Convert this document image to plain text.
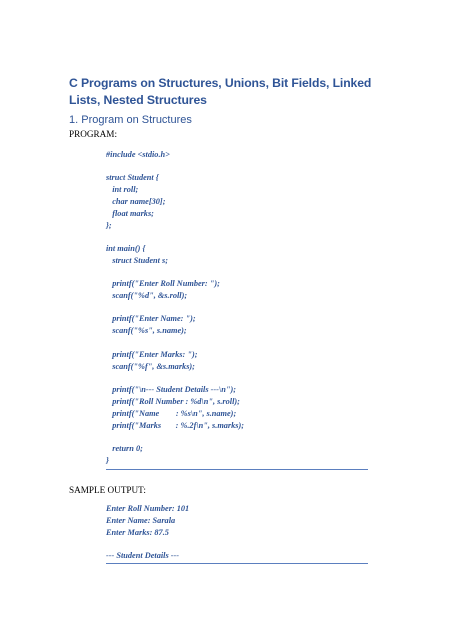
C Programs on Structures, Unions, Bit Fields, Linked Lists, Nested Structures
1. Program on Structures
PROGRAM:
#include <stdio.h>
struct Student {
int roll;
char name[30];
float marks;
};
int main() {
struct Student s;
printf("Enter Roll Number: ");
scanf("%d", &s.roll);
printf("Enter Name: ");
scanf("%s", s.name);
printf("Enter Marks: ");
scanf("%f", &s.marks);
printf("\n--- Student Details ---\n");
printf("Roll Number : %d\n", s.roll);
printf("Name        : %s\n", s.name);
printf("Marks       : %.2f\n", s.marks);
return 0;
}
SAMPLE OUTPUT:
Enter Roll Number: 101
Enter Name: Sarala
Enter Marks: 87.5
--- Student Details ---
